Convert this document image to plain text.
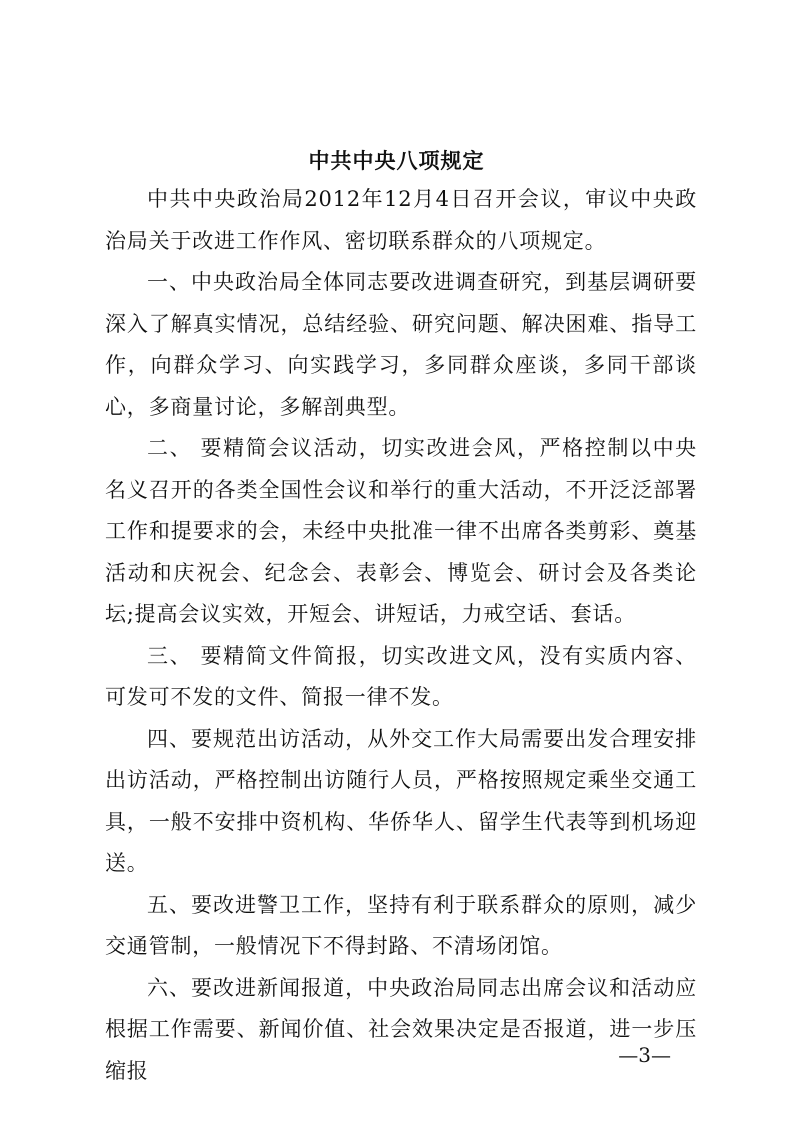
中共中央八项规定

中共中央政治局2012年12月4日召开会议，审议中央政治局关于改进工作作风、密切联系群众的八项规定。

一、中央政治局全体同志要改进调查研究，到基层调研要深入了解真实情况，总结经验、研究问题、解决困难、指导工作，向群众学习、向实践学习，多同群众座谈，多同干部谈心，多商量讨论，多解剖典型。

二、 要精简会议活动，切实改进会风，严格控制以中央名义召开的各类全国性会议和举行的重大活动，不开泛泛部署工作和提要求的会，未经中央批准一律不出席各类剪彩、奠基活动和庆祝会、纪念会、表彰会、博览会、研讨会及各类论坛;提高会议实效，开短会、讲短话，力戒空话、套话。

三、 要精简文件简报，切实改进文风，没有实质内容、可发可不发的文件、简报一律不发。

四、要规范出访活动，从外交工作大局需要出发合理安排出访活动，严格控制出访随行人员，严格按照规定乘坐交通工具，一般不安排中资机构、华侨华人、留学生代表等到机场迎送。

五、要改进警卫工作，坚持有利于联系群众的原则，减少交通管制，一般情况下不得封路、不清场闭馆。

六、要改进新闻报道，中央政治局同志出席会议和活动应根据工作需要、新闻价值、社会效果决定是否报道，进一步压缩报

—3—
